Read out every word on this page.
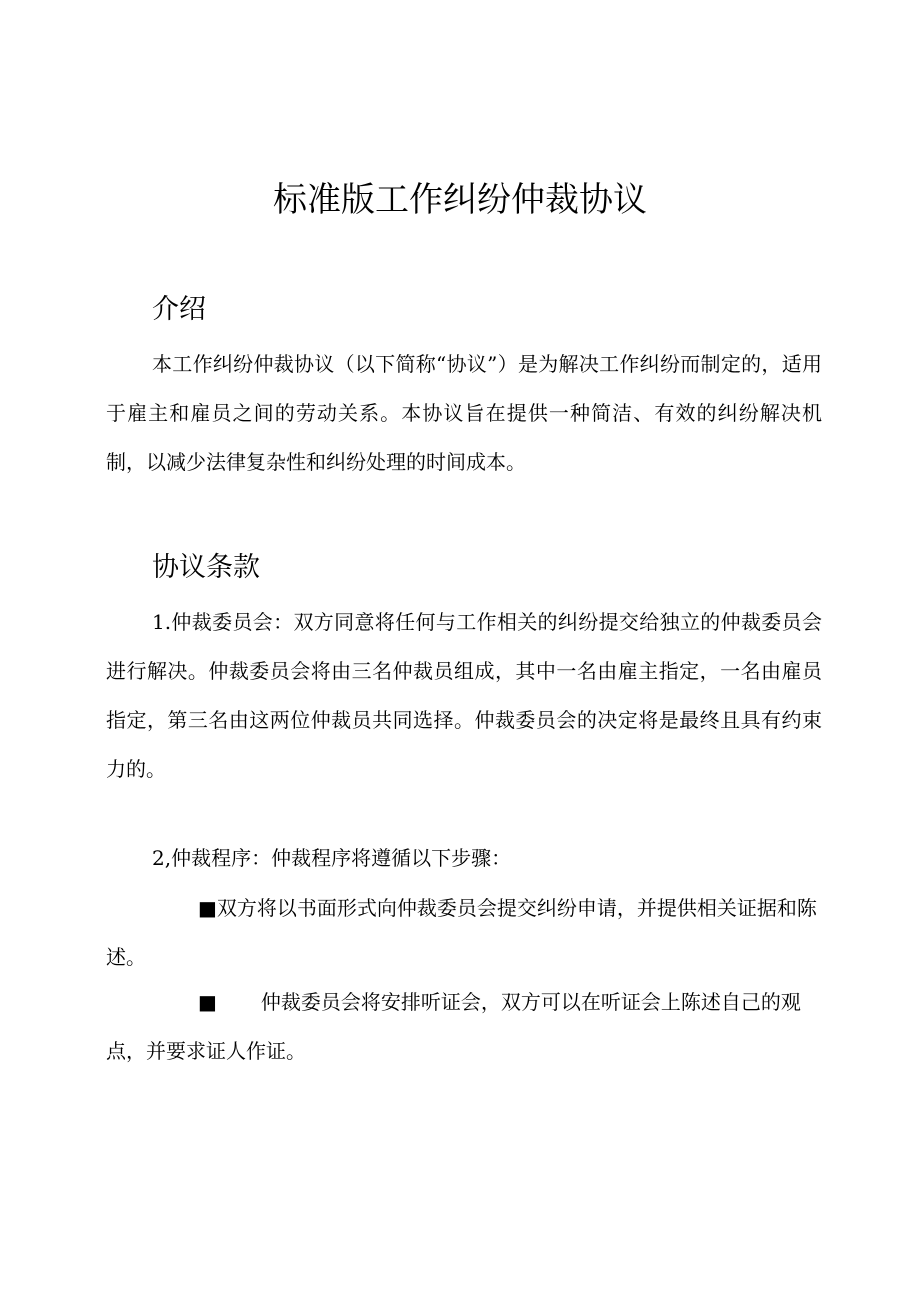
标准版工作纠纷仲裁协议
介绍

本工作纠纷仲裁协议（以下简称“协议”）是为解决工作纠纷而制定的，适用于雇主和雇员之间的劳动关系。本协议旨在提供一种简洁、有效的纠纷解决机制，以减少法律复杂性和纠纷处理的时间成本。

协议条款

1.仲裁委员会：双方同意将任何与工作相关的纠纷提交给独立的仲裁委员会进行解决。仲裁委员会将由三名仲裁员组成，其中一名由雇主指定，一名由雇员指定，第三名由这两位仲裁员共同选择。仲裁委员会的决定将是最终且具有约束力的。

2,仲裁程序：仲裁程序将遵循以下步骤：

■双方将以书面形式向仲裁委员会提交纠纷申请，并提供相关证据和陈述。

■ 仲裁委员会将安排听证会，双方可以在听证会上陈述自己的观点，并要求证人作证。
